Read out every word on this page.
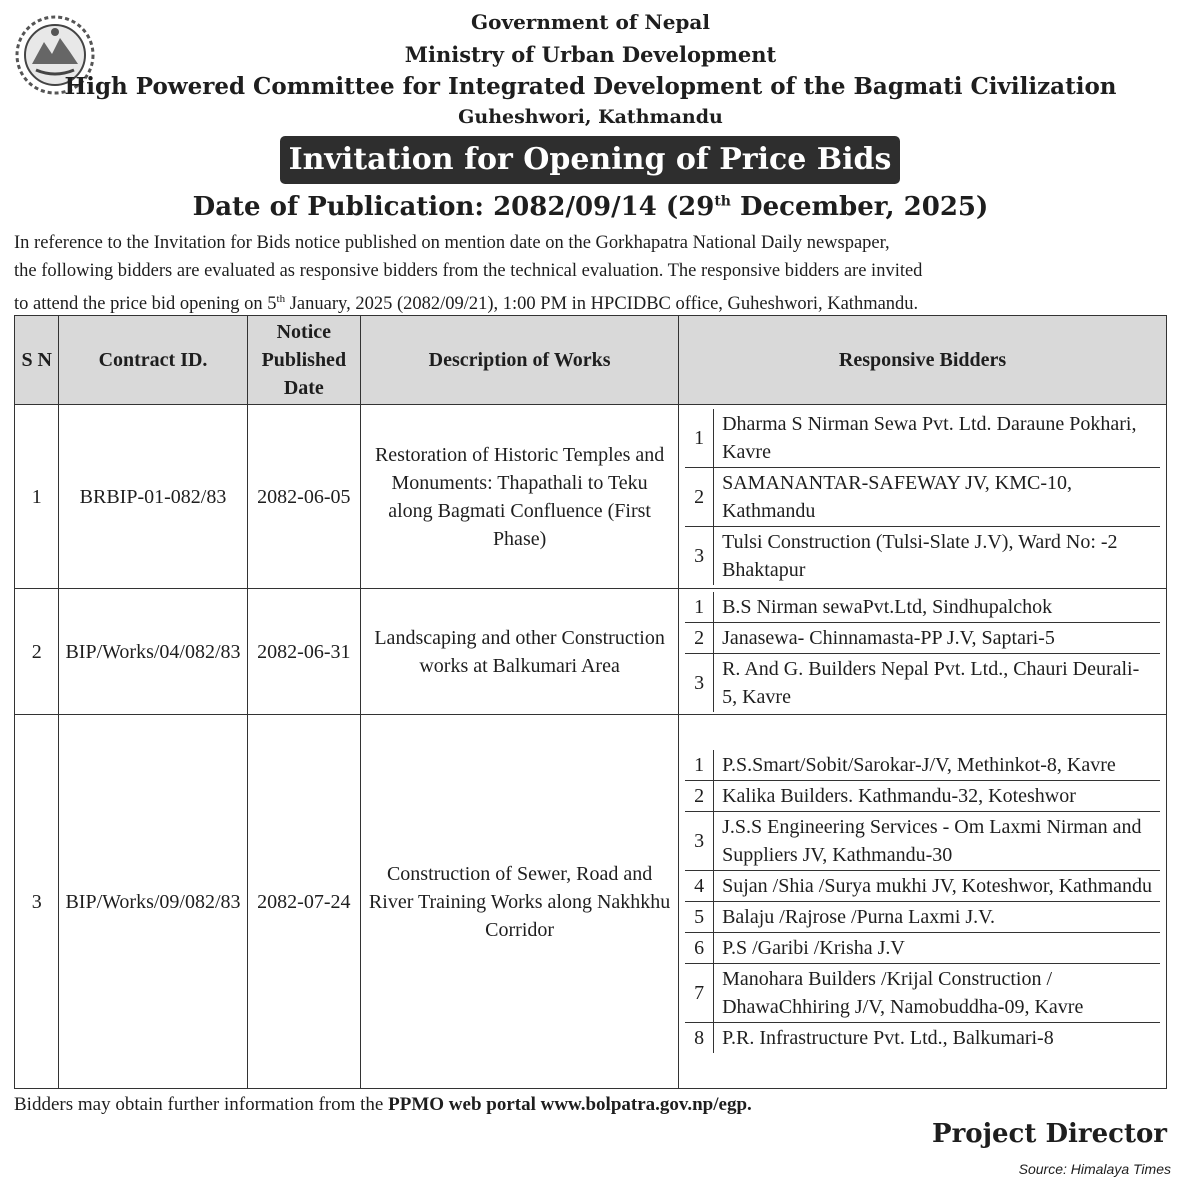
Government of Nepal
Ministry of Urban Development
High Powered Committee for Integrated Development of the Bagmati Civilization
Guheshwori, Kathmandu
Invitation for Opening of Price Bids
Date of Publication: 2082/09/14 (29th December, 2025)
In reference to the Invitation for Bids notice published on mention date on the Gorkhapatra National Daily newspaper,
the following bidders are evaluated as responsive bidders from the technical evaluation. The responsive bidders are invited
to attend the price bid opening on 5th January, 2025 (2082/09/21), 1:00 PM in HPCIDBC office, Guheshwori, Kathmandu.
S N	Contract ID.	Notice Published Date	Description of Works	Responsive Bidders
1	BRBIP-01-082/83	2082-06-05	Restoration of Historic Temples and Monuments: Thapathali to Teku along Bagmati Confluence (First Phase)	
1	Dharma S Nirman Sewa Pvt. Ltd. Daraune Pokhari, Kavre
2	SAMANANTAR-SAFEWAY JV, KMC-10, Kathmandu
3	Tulsi Construction (Tulsi-Slate J.V), Ward No: -2 Bhaktapur

2	BIP/Works/04/082/83	2082-06-31	Landscaping and other Construction works at Balkumari Area	
1	B.S Nirman sewaPvt.Ltd, Sindhupalchok
2	Janasewa- Chinnamasta-PP J.V, Saptari-5
3	R. And G. Builders Nepal Pvt. Ltd., Chauri Deurali-5, Kavre

3	BIP/Works/09/082/83	2082-07-24	Construction of Sewer, Road and River Training Works along Nakhkhu Corridor	
1	P.S.Smart/Sobit/Sarokar-J/V, Methinkot-8, Kavre
2	Kalika Builders. Kathmandu-32, Koteshwor
3	J.S.S Engineering Services - Om Laxmi Nirman and Suppliers JV, Kathmandu-30
4	Sujan /Shia /Surya mukhi JV, Koteshwor, Kathmandu
5	Balaju /Rajrose /Purna Laxmi J.V.
6	P.S /Garibi /Krisha J.V
7	Manohara Builders /Krijal Construction / DhawaChhiring J/V, Namobuddha-09, Kavre
8	P.R. Infrastructure Pvt. Ltd., Balkumari-8
Bidders may obtain further information from the PPMO web portal www.bolpatra.gov.np/egp.
Project Director
Source: Himalaya Times
